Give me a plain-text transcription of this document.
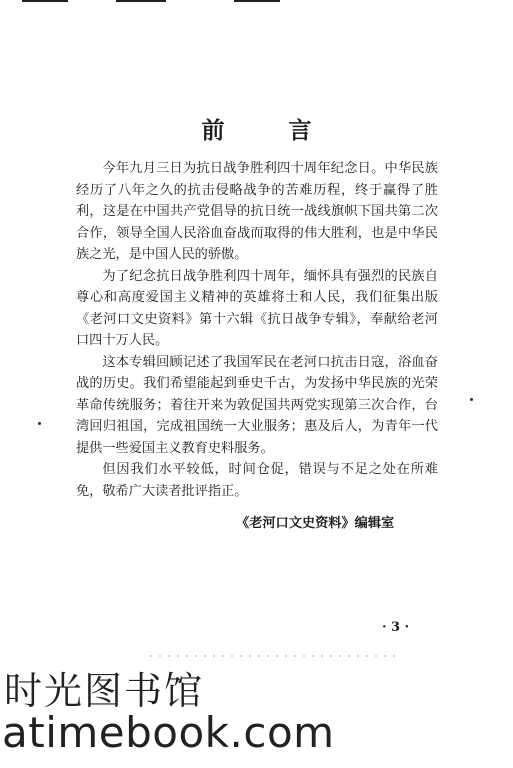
前 言

今年九月三日为抗日战争胜利四十周年纪念日。中华民族经历了八年之久的抗击侵略战争的苦难历程，终于赢得了胜利，这是在中国共产党倡导的抗日统一战线旗帜下国共第二次合作，领导全国人民浴血奋战而取得的伟大胜利，也是中华民族之光，是中国人民的骄傲。

为了纪念抗日战争胜利四十周年，缅怀具有强烈的民族自尊心和高度爱国主义精神的英雄将士和人民，我们征集出版《老河口文史资料》第十六辑《抗日战争专辑》，奉献给老河口四十万人民。

这本专辑回顾记述了我国军民在老河口抗击日寇，浴血奋战的历史。我们希望能起到垂史千古，为发扬中华民族的光荣革命传统服务；着往开来为敦促国共两党实现第三次合作，台湾回归祖国，完成祖国统一大业服务；惠及后人，为青年一代提供一些爱国主义教育史料服务。

但因我们水平较低，时间仓促，错误与不足之处在所难免，敬希广大读者批评指正。

《老河口文史资料》编辑室
· 3 ·
时光图书馆
atimebook.com
